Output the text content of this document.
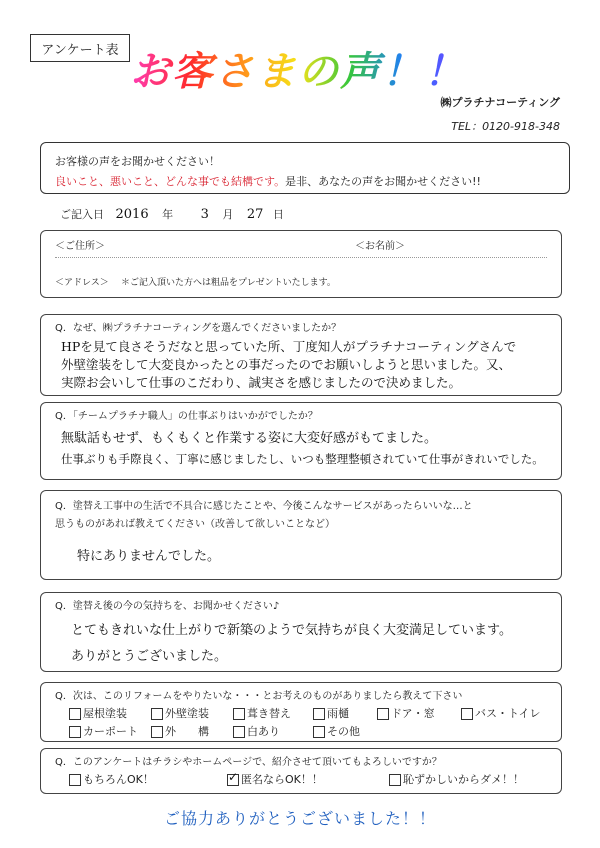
アンケート表 お客さまの声！！
㈱プラチナコーティング
TEL：0120-918-348
お客様の声をお聞かせください！
良いこと、悪いこと、どんな事でも結構です。是非、あなたの声をお聞かせください!!
ご記入日 2016 年 3 月 27 日
＜ご住所＞	＜お名前＞
＜アドレス＞ ＊ご記入頂いた方へは粗品をプレゼントいたします。
Q．なぜ、㈱プラチナコーティングを選んでくださいましたか？
HPを見て良さそうだなと思っていた所、丁度知人がプラチナコーティングさんで
外壁塗装をして大変良かったとの事だったのでお願いしようと思いました。又、
実際お会いして仕事のこだわり、誠実さを感じましたので決めました。
Q．「チームプラチナ職人」の仕事ぶりはいかがでしたか？
無駄話もせず、もくもくと作業する姿に大変好感がもてました。
仕事ぶりも手際良く、丁寧に感じましたし、いつも整理整頓されていて仕事がきれいでした。
Q．塗替え工事中の生活で不具合に感じたことや、今後こんなサービスがあったらいいな…と
思うものがあれば教えてください（改善して欲しいことなど）
特にありませんでした。
Q．塗替え後の今の気持ちを、お聞かせください♪
とてもきれいな仕上がりで新築のようで気持ちが良く大変満足しています。
ありがとうございました。
Q．次は、このリフォームをやりたいな・・・とお考えのものがありましたら教えて下さい
屋根塗装	外壁塗装	葺き替え	雨樋	ドア・窓	バス・トイレ
カーポート	外　　構	白あり	その他
Q．このアンケートはチラシやホームページで、紹介させて頂いてもよろしいですか？
もちろんOK！
✓	匿名ならOK！！	恥ずかしいからダメ！！
ご協力ありがとうございました！！
